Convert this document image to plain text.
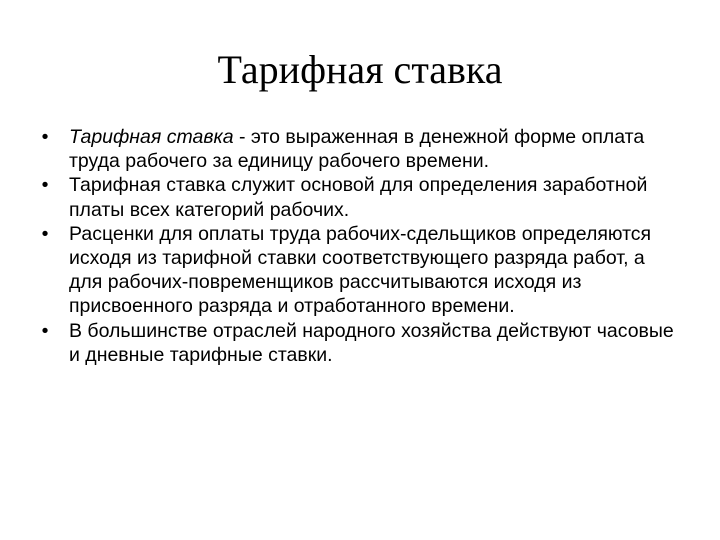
Тарифная ставка
• Тарифная ставка - это выраженная в денежной форме оплата труда рабочего за единицу рабочего времени.
• Тарифная ставка служит основой для определения заработной платы всех категорий рабочих.
• Расценки для оплаты труда рабочих-сдельщиков определяются исходя из тарифной ставки соответствующего разряда работ, а для рабочих-повременщиков рассчитываются исходя из присвоенного разряда и отработанного времени.
• В большинстве отраслей народного хозяйства действуют часовые и дневные тарифные ставки.
